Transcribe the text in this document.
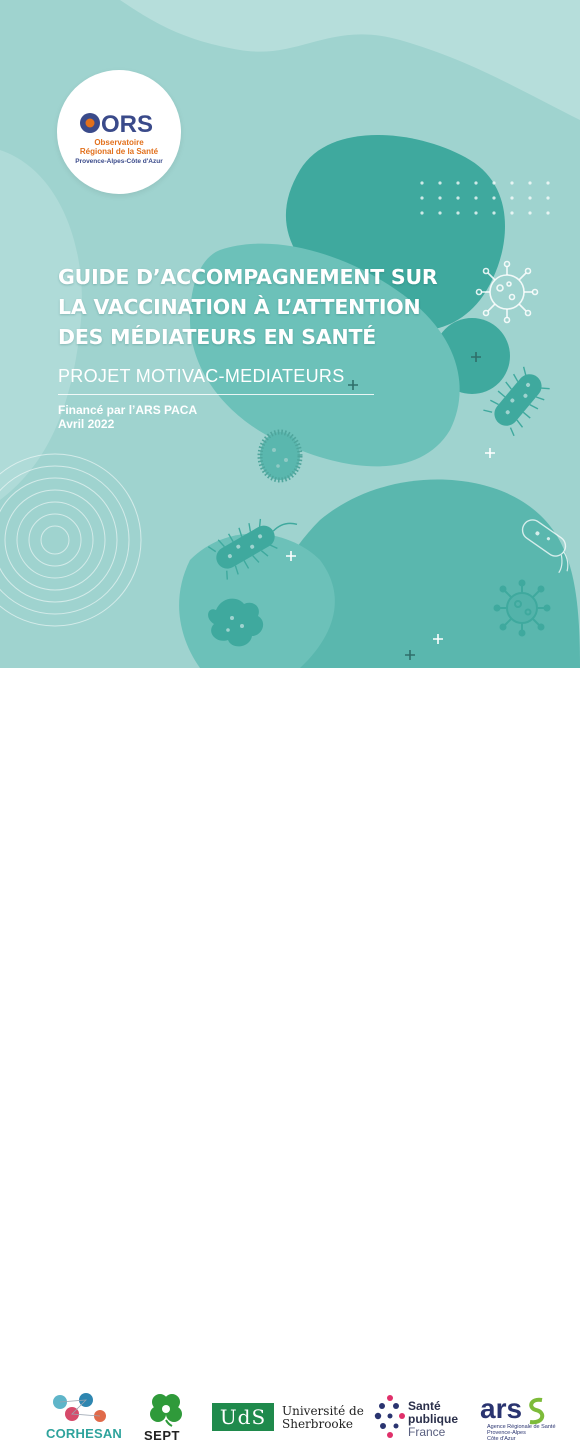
ORS
Observatoire
Régional de la Santé
Provence-Alpes-Côte d'Azur
GUIDE D’ACCOMPAGNEMENT SUR
LA VACCINATION À L’ATTENTION
DES MÉDIATEURS EN SANTÉ
PROJET MOTIVAC-MEDIATEURS
Financé par l’ARS PACA
Avril 2022
CORHESAN SEPT
UdS	Université de
Sherbrooke
Santé
publique
France
ars
Agence Régionale de Santé
Provence-Alpes
Côte d'Azur
